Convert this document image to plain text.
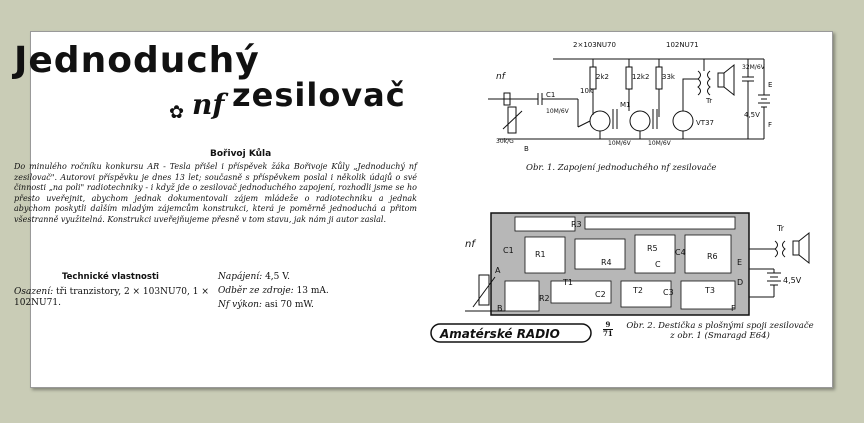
Jednoduchý
✿ nf zesilovač
Bořivoj Kůla
Do minulého ročníku konkursu AR - Tesla přišel i příspěvek žáka Bořivoje Kůly „Jednoduchý nf zesilovač". Autorovi příspěvku je dnes 13 let; současně s příspěvkem poslal i několik údajů o své činnosti „na poli" radiotechniky - i když jde o zesilovač jednoduchého zapojení, rozhodli jsme se ho přesto uveřejnit, abychom jednak dokumentovali zájem mládeže o radiotechniku a jednak abychom poskytli dalším mladým zájemcům konstrukci, která je poměrně jednoduchá a přitom všestranně využitelná. Konstrukci uveřejňujeme přesně v tom stavu, jak nám ji autor zaslal.
Technické vlastnosti
Osazení: tři tranzistory, 2 × 103NU70, 1 × 102NU71.
Napájení: 4,5 V.
Odběr ze zdroje: 13 mA.
Nf výkon: asi 70 mW.
2×103NU70	102NU71
nf
C1
10M/6V
30k/G
2k2	12k2 33k
10k
M1
10M/6V	10M/6V
VT37
32M/6V
Tr
4,5V
E
F
B
Obr. 1. Zapojení jednoduchého nf zesilovače
nf
A
B
C1	R1
R2
R3
R4
R5
R6
C2	C3
C4
T1
T2	T3
C
D
E
F
Tr
4,5V
Amatérské RADIO
9
71
Obr. 2. Destička s plošnými spoji zesilovače
z obr. 1 (Smaragd E64)
